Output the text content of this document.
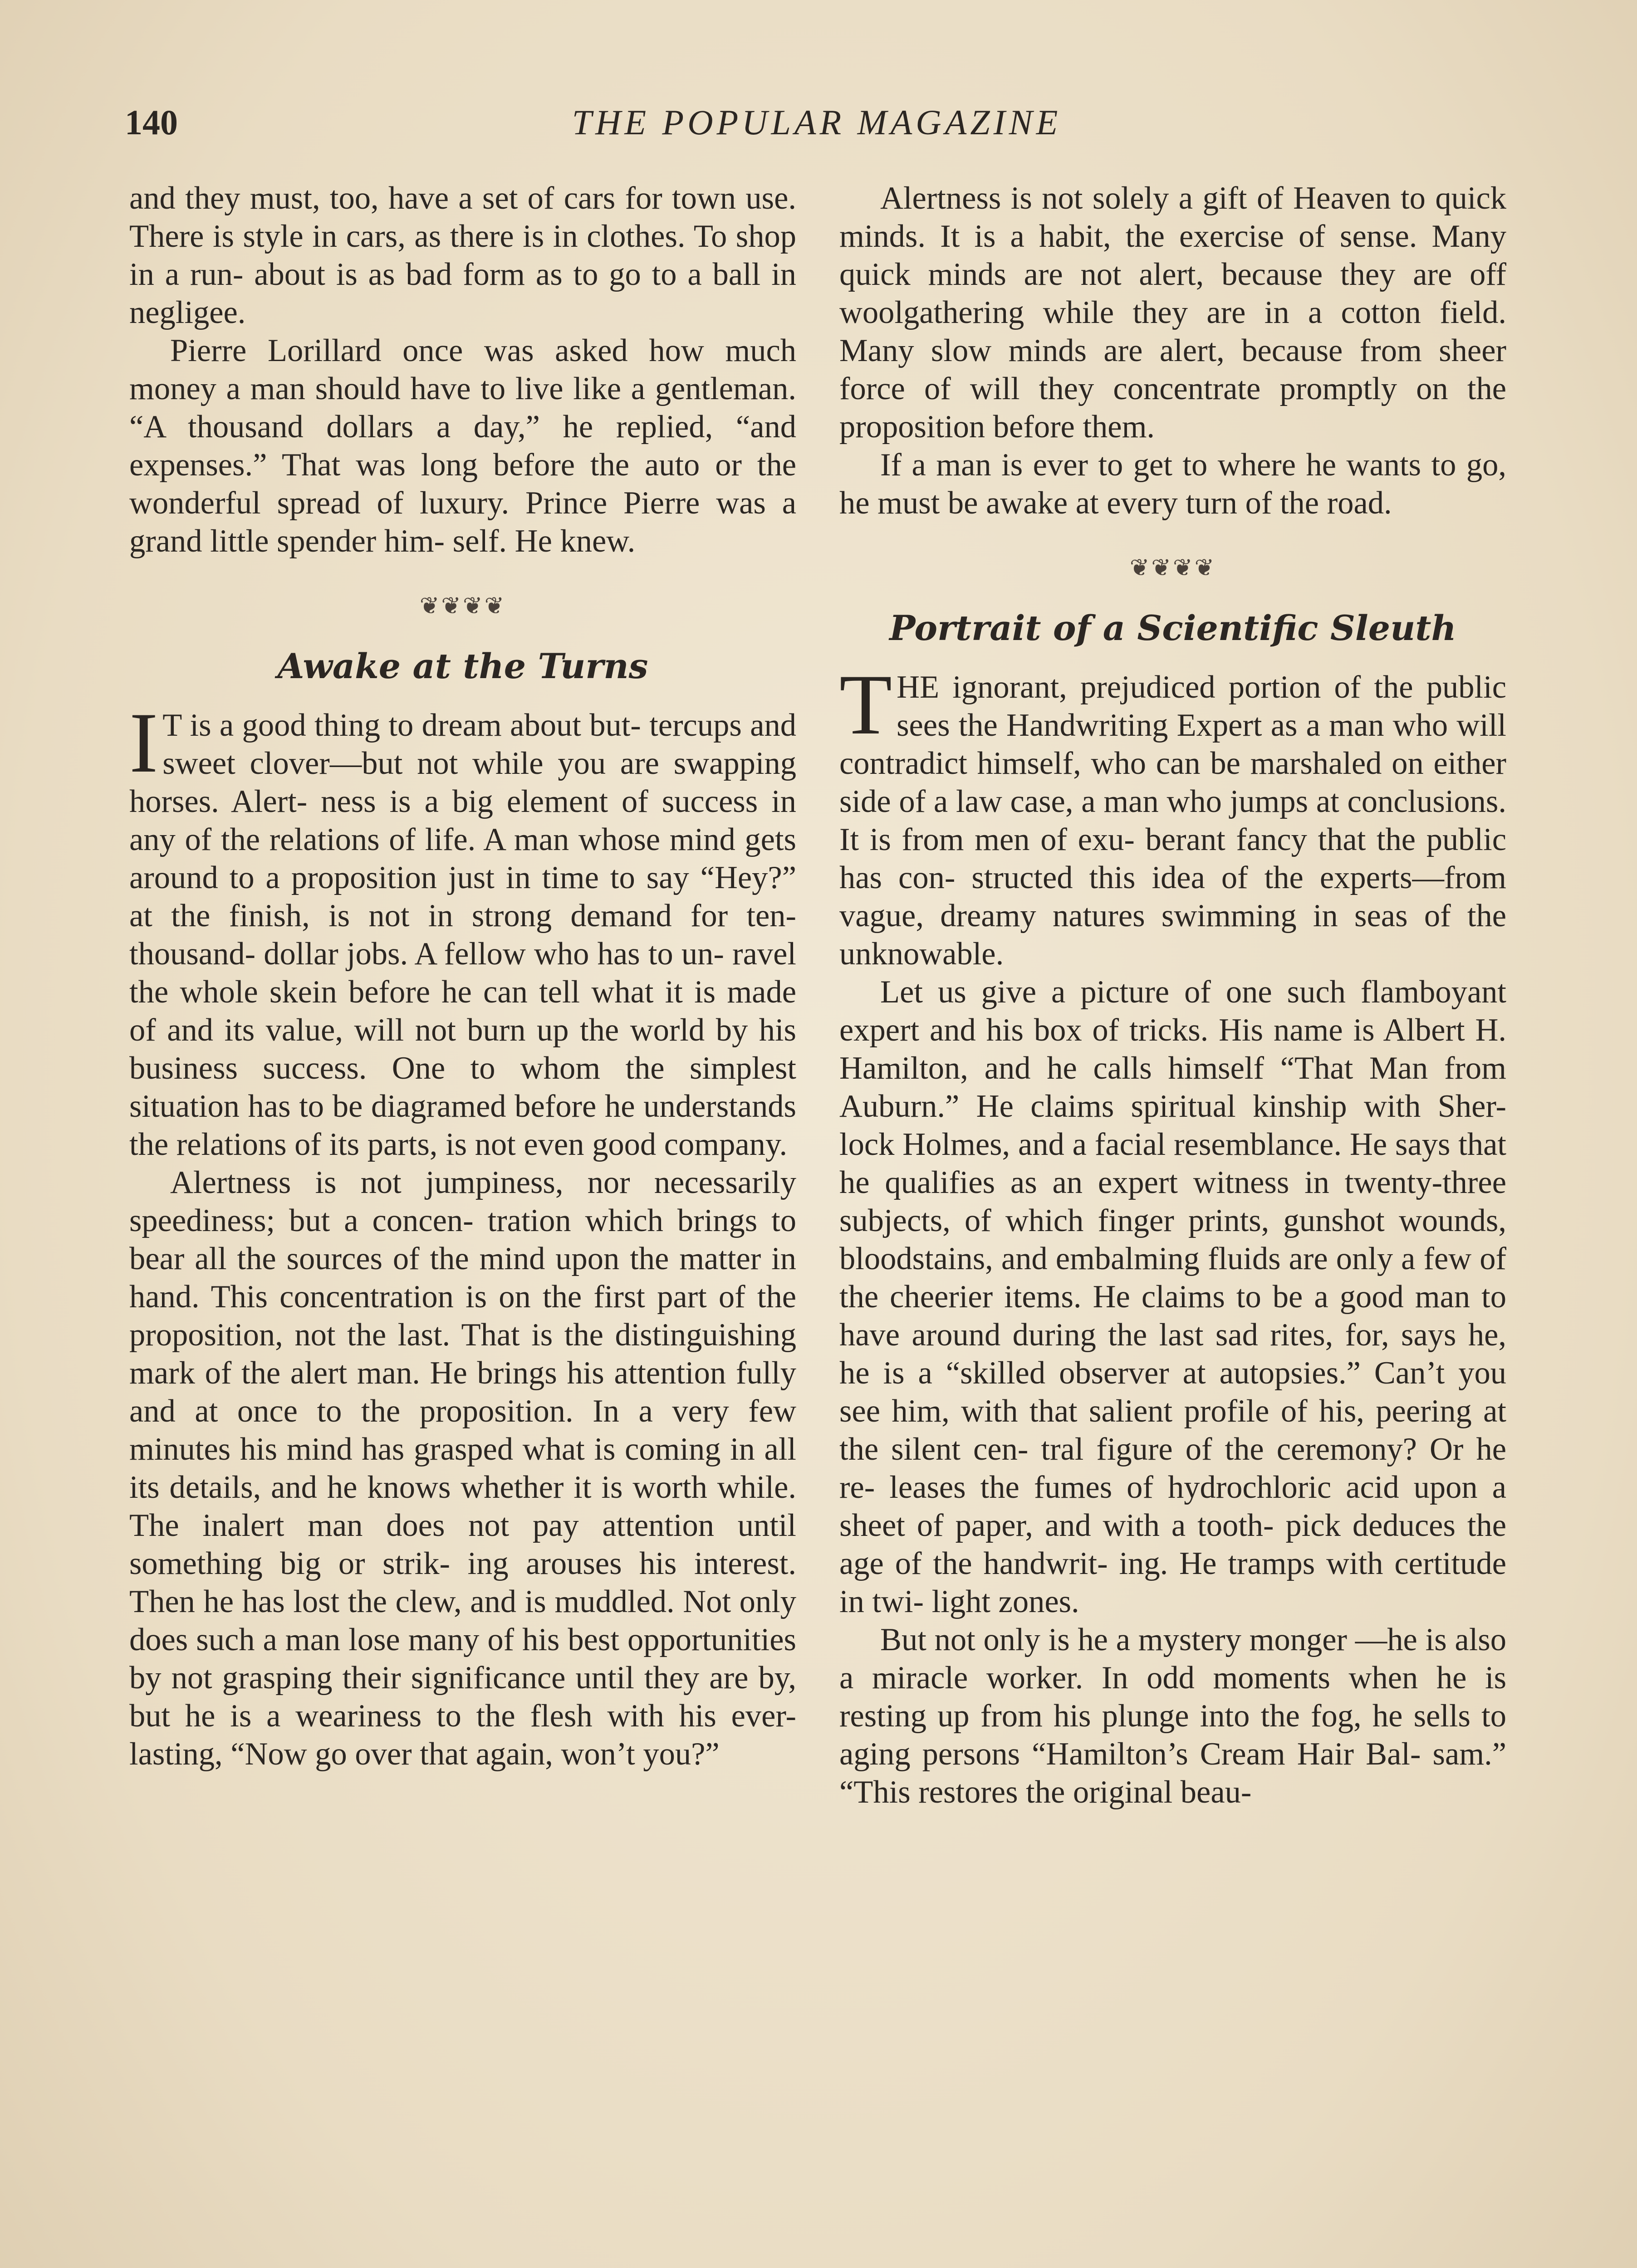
140	THE POPULAR MAGAZINE

and they must, too, have a set of cars for town use. There is style in cars, as there is in clothes. To shop in a run- about is as bad form as to go to a ball in negligee.

Pierre Lorillard once was asked how much money a man should have to live like a gentleman. “A thousand dollars a day,” he replied, “and expenses.” That was long before the auto or the wonderful spread of luxury. Prince Pierre was a grand little spender him- self. He knew.

❦❦❦❦
Awake at the Turns

I T is a good thing to dream about but- tercups and sweet clover—but not while you are swapping horses. Alert- ness is a big element of success in any of the relations of life. A man whose mind gets around to a proposition just in time to say “Hey?” at the finish, is not in strong demand for ten-thousand- dollar jobs. A fellow who has to un- ravel the whole skein before he can tell what it is made of and its value, will not burn up the world by his business success. One to whom the simplest situation has to be diagramed before he understands the relations of its parts, is not even good company.

Alertness is not jumpiness, nor necessarily speediness; but a concen- tration which brings to bear all the sources of the mind upon the matter in hand. This concentration is on the first part of the proposition, not the last. That is the distinguishing mark of the alert man. He brings his attention fully and at once to the proposition. In a very few minutes his mind has grasped what is coming in all its details, and he knows whether it is worth while. The inalert man does not pay attention until something big or strik- ing arouses his interest. Then he has lost the clew, and is muddled. Not only does such a man lose many of his best opportunities by not grasping their significance until they are by, but he is a weariness to the flesh with his ever- lasting, “Now go over that again, won’t you?”

Alertness is not solely a gift of Heaven to quick minds. It is a habit, the exercise of sense. Many quick minds are not alert, because they are off woolgathering while they are in a cotton field. Many slow minds are alert, because from sheer force of will they concentrate promptly on the proposition before them.

If a man is ever to get to where he wants to go, he must be awake at every turn of the road.

❦❦❦❦
Portrait of a Scientific Sleuth

THE ignorant, prejudiced portion of the public sees the Handwriting Expert as a man who will contradict himself, who can be marshaled on either side of a law case, a man who jumps at conclusions. It is from men of exu- berant fancy that the public has con- structed this idea of the experts—from vague, dreamy natures swimming in seas of the unknowable.

Let us give a picture of one such flamboyant expert and his box of tricks. His name is Albert H. Hamilton, and he calls himself “That Man from Auburn.” He claims spiritual kinship with Sher- lock Holmes, and a facial resemblance. He says that he qualifies as an expert witness in twenty-three subjects, of which finger prints, gunshot wounds, bloodstains, and embalming fluids are only a few of the cheerier items. He claims to be a good man to have around during the last sad rites, for, says he, he is a “skilled observer at autopsies.” Can’t you see him, with that salient profile of his, peering at the silent cen- tral figure of the ceremony? Or he re- leases the fumes of hydrochloric acid upon a sheet of paper, and with a tooth- pick deduces the age of the handwrit- ing. He tramps with certitude in twi- light zones.

But not only is he a mystery monger —he is also a miracle worker. In odd moments when he is resting up from his plunge into the fog, he sells to aging persons “Hamilton’s Cream Hair Bal- sam.” “This restores the original beau-
